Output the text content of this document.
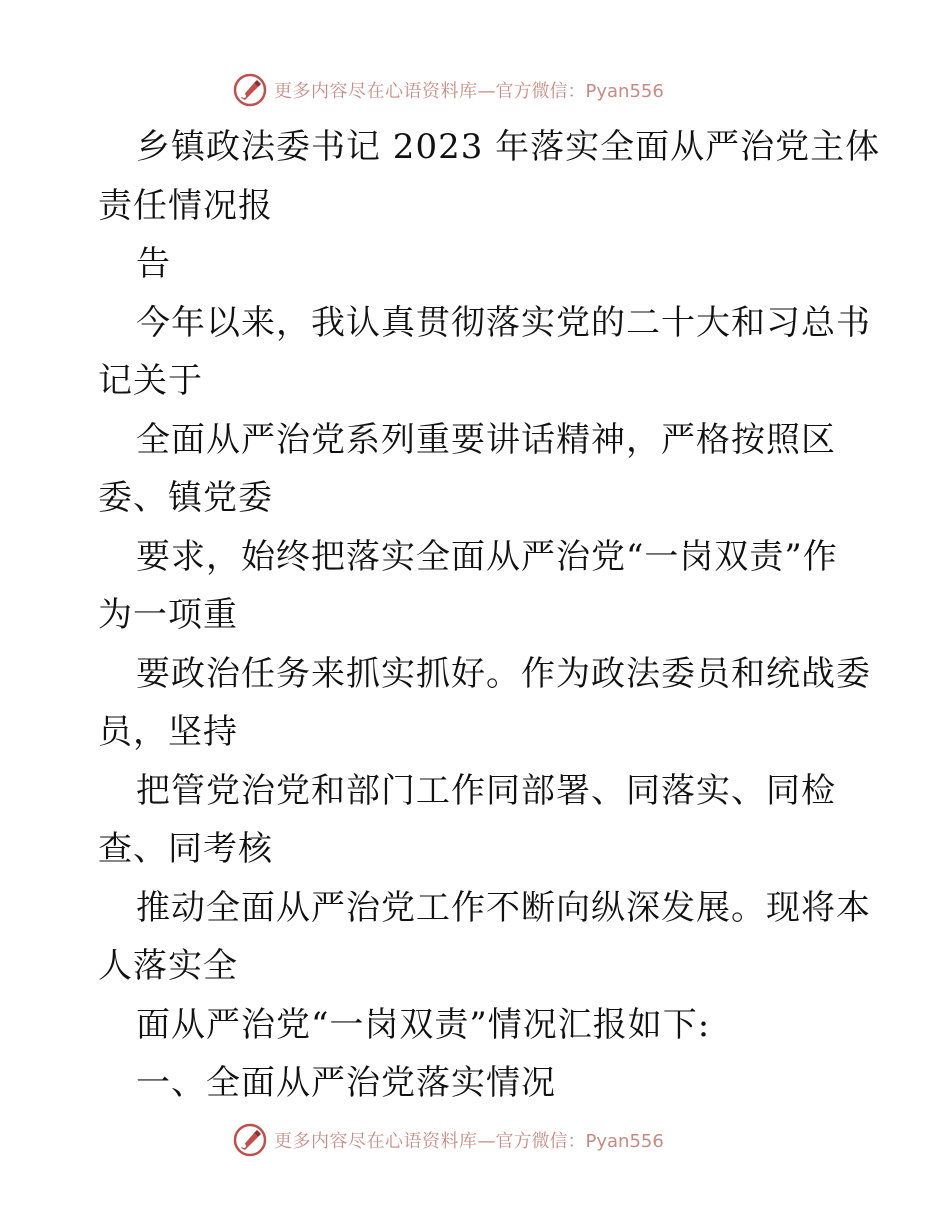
更多内容尽在心语资料库 —官方微信：Pyan556
乡镇政法委书记 2023 年落实全面从严治党主体
责任情况报
告
今年以来，我认真贯彻落实党的二十大和习总书
记关于
全面从严治党系列重要讲话精神，严格按照区
委、镇党委
要求，始终把落实全面从严治党“一岗双责”作
为一项重
要政治任务来抓实抓好。作为政法委员和统战委
员，坚持
把管党治党和部门工作同部署、同落实、同检
查、同考核
推动全面从严治党工作不断向纵深发展。现将本
人落实全
面从严治党“一岗双责”情况汇报如下:
一、全面从严治党落实情况
更多内容尽在心语资料库 —官方微信：Pyan556
